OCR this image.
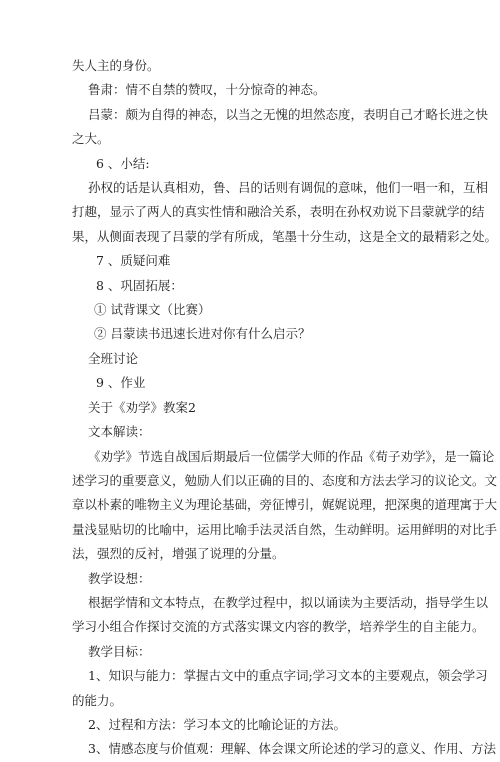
失人主的身份。
鲁肃：情不自禁的赞叹，十分惊奇的神态。
吕蒙：颇为自得的神态，以当之无愧的坦然态度，表明自己才略长进之快
之大。
6 、小结:
孙权的话是认真相劝，鲁、吕的话则有调侃的意味，他们一唱一和，互相
打趣，显示了两人的真实性情和融洽关系，表明在孙权劝说下吕蒙就学的结
果，从侧面表现了吕蒙的学有所成，笔墨十分生动，这是全文的最精彩之处。
7 、质疑问难
8 、巩固拓展：
① 试背课文（比赛）
② 吕蒙读书迅速长进对你有什么启示？
全班讨论
9 、作业
关于《劝学》教案2
文本解读：
《劝学》节选自战国后期最后一位儒学大师的作品《荀子劝学》，是一篇论
述学习的重要意义，勉励人们以正确的目的、态度和方法去学习的议论文。文
章以朴素的唯物主义为理论基础，旁征博引，娓娓说理，把深奥的道理寓于大
量浅显贴切的比喻中，运用比喻手法灵活自然，生动鲜明。运用鲜明的对比手
法，强烈的反衬，增强了说理的分量。
教学设想：
根据学情和文本特点，在教学过程中，拟以诵读为主要活动，指导学生以
学习小组合作探讨交流的方式落实课文内容的教学，培养学生的自主能力。
教学目标：
1、知识与能力：掌握古文中的重点字词;学习文本的主要观点，领会学习
的能力。
2、过程和方法：学习本文的比喻论证的方法。
3、情感态度与价值观：理解、体会课文所论述的学习的意义、作用、方法
